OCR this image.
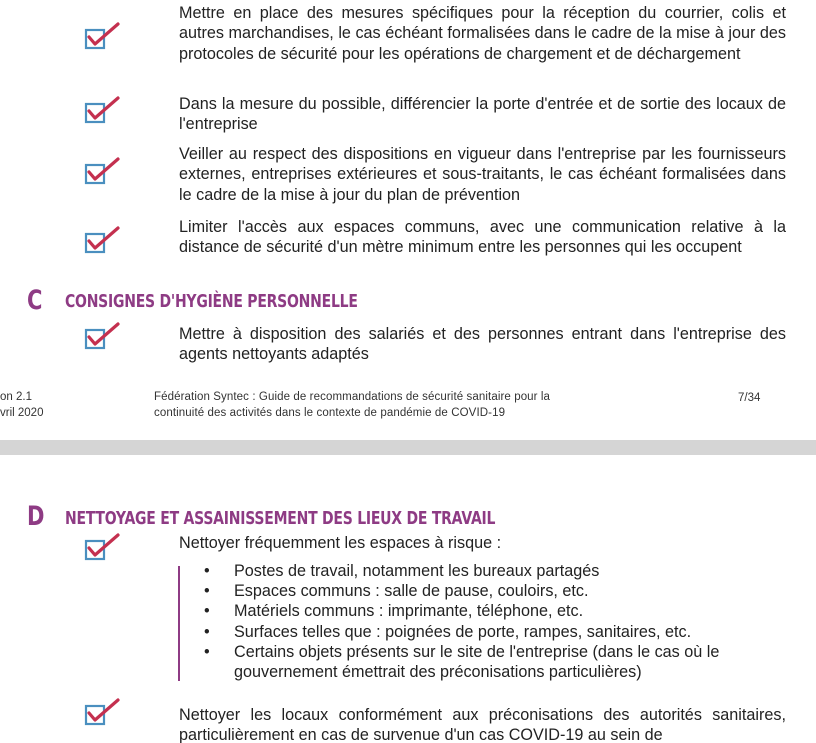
Mettre en place des mesures spécifiques pour la réception du courrier, colis et autres marchandises, le cas échéant formalisées dans le cadre de la mise à jour des protocoles de sécurité pour les opérations de chargement et de déchargement
Dans la mesure du possible, différencier la porte d'entrée et de sortie des locaux de l'entreprise
Veiller au respect des dispositions en vigueur dans l'entreprise par les fournisseurs externes, entreprises extérieures et sous-traitants, le cas échéant formalisées dans le cadre de la mise à jour du plan de prévention
Limiter l'accès aux espaces communs, avec une communication relative à la distance de sécurité d'un mètre minimum entre les personnes qui les occupent
C CONSIGNES D'HYGIÈNE PERSONNELLE
Mettre à disposition des salariés et des personnes entrant dans l'entreprise des agents nettoyants adaptés
on 2.1
vril 2020
Fédération Syntec : Guide de recommandations de sécurité sanitaire pour la
continuité des activités dans le contexte de pandémie de COVID-19
7/34
D NETTOYAGE ET ASSAINISSEMENT DES LIEUX DE TRAVAIL
Nettoyer fréquemment les espaces à risque :
• Postes de travail, notamment les bureaux partagés
• Espaces communs : salle de pause, couloirs, etc.
• Matériels communs : imprimante, téléphone, etc.
• Surfaces telles que : poignées de porte, rampes, sanitaires, etc.
• Certains objets présents sur le site de l'entreprise (dans le cas où le gouvernement émettrait des préconisations particulières)
Nettoyer les locaux conformément aux préconisations des autorités sanitaires, particulièrement en cas de survenue d'un cas COVID-19 au sein de
